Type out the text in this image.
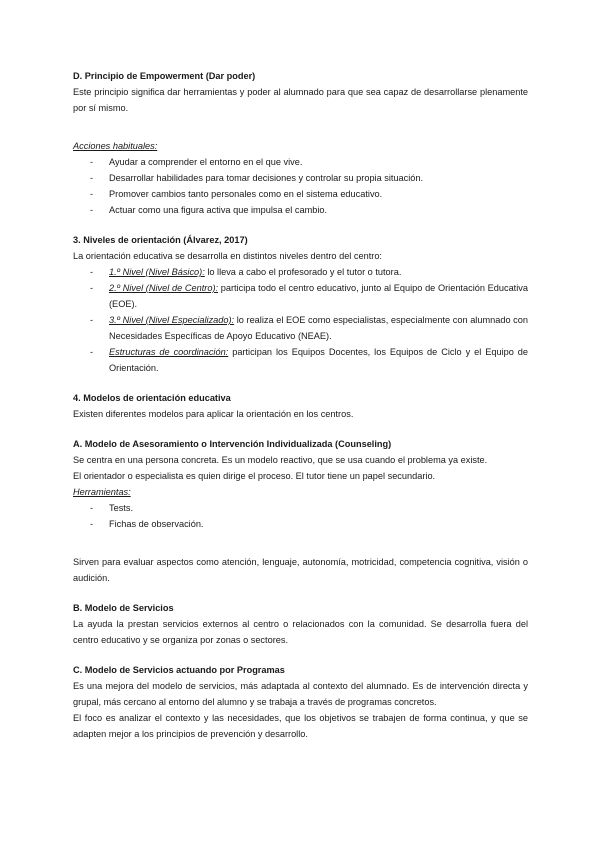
D. Principio de Empowerment (Dar poder)

Este principio significa dar herramientas y poder al alumnado para que sea capaz de desarrollarse plenamente por sí mismo.

Acciones habituales:

- Ayudar a comprender el entorno en el que vive.
- Desarrollar habilidades para tomar decisiones y controlar su propia situación.
- Promover cambios tanto personales como en el sistema educativo.
- Actuar como una figura activa que impulsa el cambio.

3. Niveles de orientación (Álvarez, 2017)

La orientación educativa se desarrolla en distintos niveles dentro del centro:

- 1.º Nivel (Nivel Básico): lo lleva a cabo el profesorado y el tutor o tutora.
- 2.º Nivel (Nivel de Centro): participa todo el centro educativo, junto al Equipo de Orientación Educativa (EOE).
- 3.º Nivel (Nivel Especializado): lo realiza el EOE como especialistas, especialmente con alumnado con Necesidades Específicas de Apoyo Educativo (NEAE).
- Estructuras de coordinación: participan los Equipos Docentes, los Equipos de Ciclo y el Equipo de Orientación.

4. Modelos de orientación educativa

Existen diferentes modelos para aplicar la orientación en los centros.

A. Modelo de Asesoramiento o Intervención Individualizada (Counseling)

Se centra en una persona concreta. Es un modelo reactivo, que se usa cuando el problema ya existe.

El orientador o especialista es quien dirige el proceso. El tutor tiene un papel secundario.

Herramientas:

- Tests.
- Fichas de observación.

Sirven para evaluar aspectos como atención, lenguaje, autonomía, motricidad, competencia cognitiva, visión o audición.

B. Modelo de Servicios

La ayuda la prestan servicios externos al centro o relacionados con la comunidad. Se desarrolla fuera del centro educativo y se organiza por zonas o sectores.

C. Modelo de Servicios actuando por Programas

Es una mejora del modelo de servicios, más adaptada al contexto del alumnado. Es de intervención directa y grupal, más cercano al entorno del alumno y se trabaja a través de programas concretos.

El foco es analizar el contexto y las necesidades, que los objetivos se trabajen de forma continua, y que se adapten mejor a los principios de prevención y desarrollo.
